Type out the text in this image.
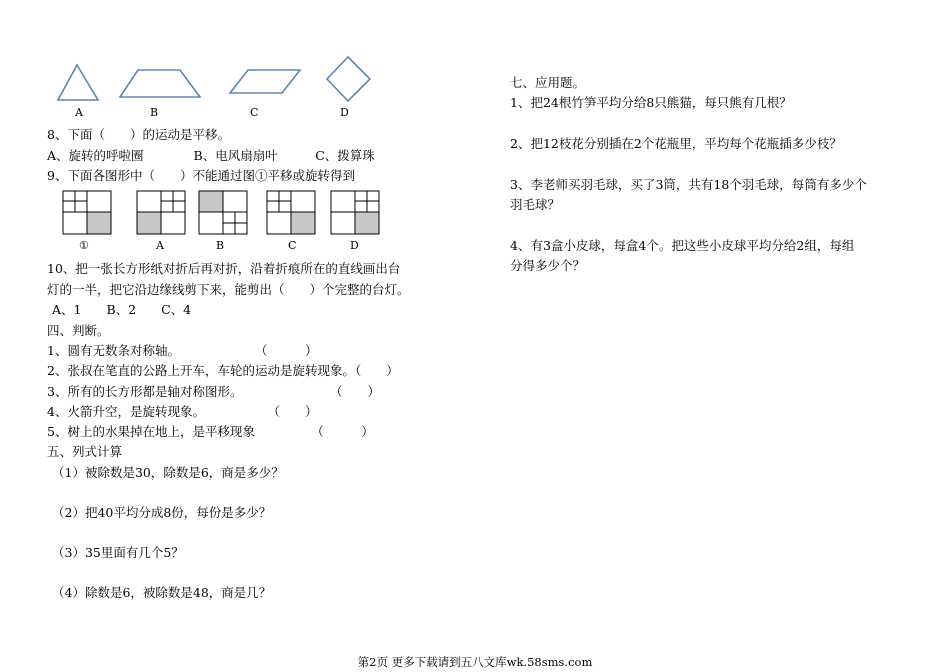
A	B	C	D
8、下面（　　）的运动是平移。
A、旋转的呼啦圈　　　　B、电风扇扇叶　　　C、拨算珠
9、下面各图形中（　　）不能通过图①平移或旋转得到
①	A	B	C	D
10、把一张长方形纸对折后再对折，沿着折痕所在的直线画出台
灯的一半，把它沿边缘线剪下来，能剪出（　　）个完整的台灯。
A、1　　B、2　　C、4
四、判断。
1、圆有无数条对称轴。　　　　　　　（　　　）
2、张叔在笔直的公路上开车，车轮的运动是旋转现象。（　　）
3、所有的长方形都是轴对称图形。　　　　　　　　（　　）
4、火箭升空，是旋转现象。　　　　　　（　　）
5、树上的水果掉在地上，是平移现象　　　　　（　　　）
五、列式计算
（1）被除数是30，除数是6，商是多少？
（2）把40平均分成8份，每份是多少？
（3）35里面有几个5？
（4）除数是6，被除数是48，商是几？
七、应用题。
1、把24根竹笋平均分给8只熊猫，每只熊有几根？
2、把12枝花分别插在2个花瓶里，平均每个花瓶插多少枝？
3、李老师买羽毛球，买了3筒，共有18个羽毛球，每筒有多少个
羽毛球？
4、有3盒小皮球，每盒4个。把这些小皮球平均分给2组，每组
分得多少个？
第2页 更多下载请到五八文库wk.58sms.com
